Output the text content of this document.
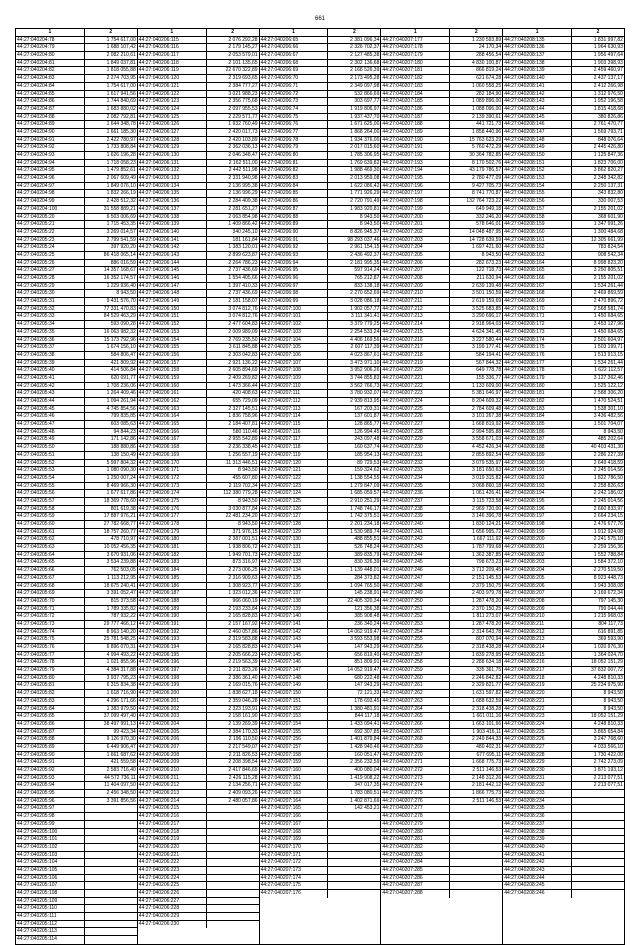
661
1	2
44:27:040204:78	1 754 617,00
44:27:040204:79	1 688 107,42
44:27:040204:80	2 082 210,61
44:27:040204:81	1 849 037,81
44:27:040204:82	1 818 055,88
44:27:040204:83	2 274 703,95
44:27:040204:84	1 754 617,00
44:27:040204:85	1 617 941,56
44:27:040204:86	1 744 840,69
44:27:040204:87	1 683 880,02
44:27:040204:88	2 082 792,81
44:27:040204:89	1 644 348,78
44:27:040204:90	1 661 185,30
44:27:040204:91	2 422 780,97
44:27:040204:92	1 733 808,84
44:27:040204:93	1 626 196,28
44:27:040204:94	1 718 058,23
44:27:040204:95	1 479 852,61
44:27:040204:96	2 067 609,49
44:27:040204:97	1 849 076,10
44:27:040204:98	1 832 266,19
44:27:040204:99	2 428 512,32
44:27:040204:100	31 558 889,21
44:27:040205:20	6 503 006,69
44:27:040205:21	1 715 453,35
44:27:040205:22	3 269 014,57
44:27:040205:23	2 799 541,59
44:27:040205:24	397 920,20
44:27:040205:25	86 418 065,14
44:27:040205:26	886 016,59
44:27:040205:27	14 357 168,67
44:27:040205:28	16 352 174,57
44:27:040205:29	1 229 936,40
44:27:040205:30	8 943,50
44:27:040205:31	9 431 576,70
44:27:040205:32	77 331 470,83
44:27:040205:33	84 529 463,29
44:27:040205:34	593 090,28
44:27:040205:35	16 063 982,32
44:27:040205:36	15 173 792,96
44:27:040205:37	1 674 156,10
44:27:040205:38	584 806,47
44:27:040205:39	421 809,92
44:27:040205:40	414 506,84
44:27:040205:41	620 091,77
44:27:040205:42	1 708 236,06
44:27:040205:43	1 264 409,46
44:27:040205:44	1 094 261,94
44:27:040205:45	4 745 854,56
44:27:040205:46	799 835,85
44:27:040205:47	603 085,63
44:27:040205:48	94 844,23
44:27:040205:49	171 142,86
44:27:040205:50	188 880,86
44:27:040205:51	138 150,49
44:27:040205:52	5 997 804,32
44:27:040205:53	1 080 090,30
44:27:040205:54	1 250 007,24
44:27:040205:55	8 469 966,30
44:27:040205:56	1 677 617,86
44:27:040205:57	18 369 778,60
44:27:040205:58	801 619,38
44:27:040205:59	17 887 976,21
44:27:040205:60	27 782 668,77
44:27:040205:61	18 757 260,77
44:27:040205:62	478 710,97
44:27:040205:63	10 052 456,35
44:27:040205:64	3 670 931,06
44:27:040205:65	3 534 239,88
44:27:040205:66	762 503,05
44:27:040205:67	1 113 212,95
44:27:040205:68	18 675 240,41
44:27:040205:69	3 391 052,47
44:27:040205:70	815 373,58
44:27:040205:71	1 789 335,82
44:27:040205:72	787 932,22
44:27:040205:73	29 777 466,12
44:27:040205:74	8 963 140,20
44:27:040205:75	25 781 548,25
44:27:040205:76	6 896 070,31
44:27:040205:77	4 994 493,22
44:27:040205:78	1 021 855,96
44:27:040205:79	4 384 317,88
44:27:040205:80	3 937 795,23
44:27:040205:81	6 315 834,38
44:27:040205:82	1 618 716,90
44:27:040205:83	4 296 171,66
44:27:040205:84	1 383 979,50
44:27:040205:85	37 099 497,40
44:27:040205:86	38 497 991,13
44:27:040205:87	99 423,34
44:27:040205:88	9 126 970,30
44:27:040205:89	6 449 906,47
44:27:040205:90	1 661 687,62
44:27:040205:91	421 559,58
44:27:040205:92	2 583 716,40
44:27:040205:93	44 572 736,11
44:27:040205:94	11 404 097,50
44:27:040205:95	2 456 348,50
44:27:040205:96	3 391 856,56
44:27:040205:97
44:27:040205:98
44:27:040205:99
44:27:040205:100
44:27:040205:101
44:27:040205:102
44:27:040205:103
44:27:040205:104
44:27:040205:105
44:27:040205:106
44:27:040205:107
44:27:040205:108
44:27:040205:109
44:27:040205:110
44:27:040205:111
44:27:040205:112
44:27:040205:113
44:27:040205:114
1	2
44:27:040206:115	2 076 292,28
44:27:040206:116	2 179 145,27
44:27:040206:117	2 053 579,01
44:27:040206:118	2 101 135,65
44:27:040206:119	22 670 322,89
44:27:040206:120	2 319 693,65
44:27:040206:121	2 384 777,27
44:27:040206:122	3 021 988,23
44:27:040206:123	2 356 775,68
44:27:040206:124	2 097 955,53
44:27:040206:125	2 229 571,77
44:27:040206:126	1 932 760,49
44:27:040206:127	2 420 017,73
44:27:040206:128	2 420 103,89
44:27:040206:129	2 362 036,13
44:27:040206:130	2 046 348,47
44:27:040206:131	2 162 511,00
44:27:040206:132	2 442 511,98
44:27:040206:133	2 331 940,98
44:27:040206:134	2 136 995,38
44:27:040206:135	2 136 996,29
44:27:040206:136	2 284 409,38
44:27:040206:137	2 281 651,27
44:27:040206:138	2 063 854,98
44:27:040206:139	1 409 866,42
44:27:040206:140	340 245,10
44:27:040206:141	181 161,84
44:27:040206:142	1 383 120,01
44:27:040206:143	2 899 623,87
44:27:040206:144	2 264 786,23
44:27:040206:145	2 737 436,69
44:27:040206:146	1 554 405,66
44:27:040206:147	1 397 410,33
44:27:040206:148	2 737 436,69
44:27:040206:149	2 181 158,07
44:27:040206:150	3 074 812,76
44:27:040206:151	3 074 812,76
44:27:040206:152	2 477 604,83
44:27:040206:153	2 009 989,09
44:27:040206:154	2 769 235,50
44:27:040206:155	3 611 845,88
44:27:040206:156	2 303 042,83
44:27:040206:157	2 921 136,22
44:27:040206:158	2 605 894,69
44:27:040206:159	2 409 269,82
44:27:040206:160	1 473 366,44
44:27:040206:161	420 408,63
44:27:040206:162	655 729,09
44:27:040206:163	2 327 145,51
44:27:040206:164	1 836 758,96
44:27:040206:165	2 184 407,81
44:27:040206:166	580 110,46
44:27:040206:167	2 955 542,89
44:27:040206:168	2 236 338,45
44:27:040206:169	1 256 557,19
44:27:040206:170	11 313 446,51
44:27:040206:171	8 943,50
44:27:040206:172	455 607,80
44:27:040206:173	2 119 702,34
44:27:040206:174	112 380 779,28
44:27:040206:175	8 943,50
44:27:040206:176	3 030 877,84
44:27:040206:177	22 481 234,20
44:27:040206:178	8 943,50
44:27:040206:179	371 976,15
44:27:040206:180	2 387 001,51
44:27:040206:181	1 938 806,72
44:27:040206:182	1 949 701,73
44:27:040206:183	873 316,97
44:27:040206:184	2 273 006,25
44:27:040206:185	2 316 909,63
44:27:040206:186	1 308 923,77
44:27:040206:187	1 323 012,36
44:27:040206:188	966 060,19
44:27:040206:189	2 193 233,84
44:27:040206:190	2 165 828,83
44:27:040206:191	2 157 167,92
44:27:040206:192	2 460 057,86
44:27:040206:193	2 319 583,88
44:27:040206:194	2 165 828,83
44:27:040206:195	2 205 666,23
44:27:040206:196	2 219 563,39
44:27:040206:197	2 211 823,26
44:27:040206:198	2 386 361,40
44:27:040206:199	2 169 015,76
44:27:040206:200	1 838 627,18
44:27:040206:201	2 359 046,28
44:27:040206:202	2 323 193,91
44:27:040206:203	2 158 161,90
44:27:040206:204	2 139 269,39
44:27:040206:205	2 384 170,33
44:27:040206:206	2 196 110,50
44:27:040206:207	2 217 549,07
44:27:040206:208	2 211 826,53
44:27:040206:209	2 208 398,54
44:27:040206:210	2 417 846,65
44:27:040206:211	2 426 115,28
44:27:040206:212	2 134 256,71
44:27:040206:213	2 409 093,26
44:27:040206:214	2 480 057,86
44:27:040206:215
44:27:040206:216
44:27:040206:217
44:27:040206:218
44:27:040206:219
44:27:040206:220
44:27:040206:221
44:27:040206:222
44:27:040206:223
44:27:040206:224
44:27:040206:225
44:27:040206:226
44:27:040206:227
44:27:040206:228
44:27:040206:229
44:27:040206:230
1	2
44:27:040206:65	2 381 096,34
44:27:040206:66	2 326 702,37
44:27:040206:67	2 127 485,38
44:27:040206:68	2 302 136,68
44:27:040206:69	2 168 526,39
44:27:040206:70	2 173 495,28
44:27:040206:71	2 349 097,98
44:27:040206:72	532 866,69
44:27:040206:73	303 697,77
44:27:040206:74	1 919 806,97
44:27:040206:75	1 937 437,70
44:27:040206:76	1 671 625,00
44:27:040206:77	1 868 264,00
44:27:040206:78	1 934 376,00
44:27:040206:79	2 017 015,60
44:27:040206:80	1 785 306,95
44:27:040206:81	1 769 639,82
44:27:040206:82	1 988 469,30
44:27:040206:83	2 013 959,08
44:27:040206:84	1 622 086,42
44:27:040206:85	1 771 926,29
44:27:040206:86	2 720 791,49
44:27:040206:87	1 983 920,81
44:27:040206:88	8 943,50
44:27:040206:89	8 943,50
44:27:040206:90	8 826 945,37
44:27:040206:91	98 293 037,46
44:27:040206:92	2 961 154,15
44:27:040206:93	2 436 492,37
44:27:040206:94	2 181 995,35
44:27:040206:95	597 914,24
44:27:040206:96	765 212,87
44:27:040206:97	833 138,18
44:27:040206:98	2 270 652,69
44:27:040206:99	3 028 086,18
44:27:040207:100	1 902 057,77
44:27:040207:101	3 111 341,41
44:27:040207:102	3 379 779,25
44:27:040207:103	2 254 533,24
44:27:040207:104	4 406 169,56
44:27:040207:105	2 607 117,39
44:27:040207:106	4 023 867,61
44:27:040207:107	3 473 971,10
44:27:040207:108	3 952 906,26
44:27:040207:109	3 744 855,83
44:27:040207:110	3 562 766,73
44:27:040207:111	3 780 932,07
44:27:040207:112	2 939 813,95
44:27:040207:113	167 203,31
44:27:040207:114	137 601,87
44:27:040207:115	128 865,77
44:27:040207:116	126 994,45
44:27:040207:117	243 097,48
44:27:040207:118	160 637,74
44:27:040207:119	185 954,13
44:27:040207:120	89 729,53
44:27:040207:121	159 324,62
44:27:040207:122	1 138 554,55
44:27:040207:123	1 279 847,09
44:27:040207:124	1 685 059,57
44:27:040207:125	2 910 251,29
44:27:040207:126	1 748 746,17
44:27:040207:127	1 742 375,51
44:27:040207:128	2 201 234,18
44:27:040207:129	1 530 989,74
44:27:040207:130	488 855,51
44:27:040207:131	526 748,24
44:27:040207:132	389 835,79
44:27:040207:133	830 326,39
44:27:040207:134	1 139 448,01
44:27:040207:135	284 373,82
44:27:040207:136	1 094 765,50
44:27:040207:137	145 238,91
44:27:040207:138	22 405 320,34
44:27:040207:139	121 356,38
44:27:040207:140	385 908,48
44:27:040207:141	236 340,24
44:27:040207:142	14 062 919,47
44:27:040207:143	3 593 553,98
44:27:040207:144	147 943,29
44:27:040207:145	656 819,40
44:27:040207:146	851 809,91
44:27:040207:147	14 052 919,47
44:27:040207:148	680 222,48
44:27:040207:149	147 943,29
44:27:040207:150	72 121,33
44:27:040207:151	178 693,45
44:27:040207:152	1 380 481,91
44:27:040207:153	844 117,18
44:27:040207:154	1 433 094,41
44:27:040207:155	692 307,85
44:27:040207:156	1 401 879,84
44:27:040207:157	1 428 940,46
44:27:040207:158	160 051,47
44:27:040207:159	2 356 232,59
44:27:040207:160	400 080,04
44:27:040207:161	1 419 908,22
44:27:040207:162	347 017,35
44:27:040207:163	1 783 080,51
44:27:040207:164	1 402 871,69
44:27:040207:165	142 453,21
44:27:040207:166
44:27:040207:167
44:27:040207:168
44:27:040207:169
44:27:040207:170
44:27:040207:171
44:27:040207:172
44:27:040207:173
44:27:040207:174
44:27:040207:175
44:27:040207:176
1	2
44:27:040207:177	1 230 593,89
44:27:040207:178	24 170,34
44:27:040207:179	288 456,54
44:27:040207:180	4 830 100,87
44:27:040207:181	866 819,24
44:27:040207:182	621 674,28
44:27:040207:183	1 060 558,25
44:27:040207:184	282 184,90
44:27:040207:185	1 089 896,00
44:27:040207:186	1 088 096,00
44:27:040207:187	2 139 390,61
44:27:040207:188	441 721,73
44:27:040207:189	1 858 440,96
44:27:040207:190	15 763 623,29
44:27:040207:191	5 760 472,29
44:27:040207:192	30 364 782,85
44:27:040207:193	8 170 502,76
44:27:040207:194	43 179 786,57
44:27:040207:195	2 780 477,09
44:27:040207:196	9 427 705,73
44:27:040207:197	8 741 770,87
44:27:040207:198	132 764 723,22
44:27:040207:199	649 949,18
44:27:040207:200	332 246,20
44:27:040207:201	578 646,01
44:27:040207:202	14 048 487,95
44:27:040207:203	14 728 639,59
44:27:040207:204	1 697 421,60
44:27:040207:205	8 943,50
44:27:040207:206	282 673,23
44:27:040207:207	122 718,73
44:27:040207:208	211 630,94
44:27:040207:209	2 639 139,48
44:27:040207:210	3 501 150,59
44:27:040207:211	2 619 159,69
44:27:040207:212	3 525 683,85
44:27:040207:213	3 290 696,17
44:27:040207:214	2 918 964,03
44:27:040207:215	4 624 341,45
44:27:040207:216	3 227 580,44
44:27:040207:217	3 199 177,41
44:27:040207:218	584 194,41
44:27:040207:219	567 844,32
44:27:040207:220	649 778,78
44:27:040207:221	155 336,77
44:27:040207:222	1 133 609,00
44:27:040207:223	5 381 646,97
44:27:040207:224	8 204 609,32
44:27:040207:225	2 784 609,48
44:27:040207:226	3 101 267,38
44:27:040207:227	1 668 819,92
44:27:040207:228	2 994 595,88
44:27:040207:229	3 558 671,03
44:27:040207:230	4 452 426,34
44:27:040207:231	2 855 892,54
44:27:040207:232	3 079 535,97
44:27:040207:233	3 181 650,63
44:27:040207:234	3 019 315,82
44:27:040207:235	3 068 860,18
44:27:040207:236	1 061 426,41
44:27:040207:237	3 115 723,58
44:27:040207:238	2 969 720,00
44:27:040207:239	3 146 396,78
44:27:040207:240	1 830 124,21
44:27:040207:241	1 656 995,72
44:27:040207:242	1 667 111,92
44:27:040207:243	1 787 799,68
44:27:040207:244	1 362 387,85
44:27:040207:245	798 673,23
44:27:040207:246	3 712 209,45
44:27:040207:247	2 151 145,53
44:27:040207:248	2 379 150,75
44:27:040207:249	2 403 979,78
44:27:040207:250	1 287 478,20
44:27:040207:251	2 370 150,25
44:27:040207:252	1 811 273,07
44:27:040207:253	1 287 478,20
44:27:040207:254	2 314 643,78
44:27:040207:255	807 070,94
44:27:040207:256	2 318 438,28
44:27:040207:257	1 839 278,95
44:27:040207:258	2 288 634,18
44:27:040207:259	335 361,75
44:27:040207:260	2 246 842,82
44:27:040207:261	2 329 821,77
44:27:040207:262	1 631 597,82
44:27:040207:263	1 688 632,59
44:27:040207:264	2 318 438,28
44:27:040207:265	1 661 011,16
44:27:040207:266	1 663 101,66
44:27:040207:267	1 903 416,11
44:27:040207:268	2 249 844,33
44:27:040207:269	480 402,31
44:27:040207:270	677 695,11
44:27:040207:271	1 668 775,73
44:27:040207:272	2 511 146,53
44:27:040207:273	2 148 312,26
44:27:040207:274	2 181 442,12
44:27:040207:275	1 866 775,73
44:27:040207:276	2 511 146,53
44:27:040207:277
44:27:040207:278
44:27:040207:279
44:27:040207:280
44:27:040207:281
44:27:040207:282
44:27:040207:283
44:27:040207:284
44:27:040207:285
44:27:040207:286
44:27:040207:287
44:27:040207:288
1	2
44:27:040208:135	1 831 997,82
44:27:040208:136	1 964 630,93
44:27:040208:137	1 956 497,64
44:27:040208:138	1 903 398,93
44:27:040208:139	2 459 460,97
44:27:040208:140	2 437 137,17
44:27:040208:141	2 412 266,98
44:27:040208:142	1 312 976,50
44:27:040208:143	1 952 196,58
44:27:040208:144	1 815 418,68
44:27:040208:145	380 826,86
44:27:040208:146	2 761 470,77
44:27:040208:147	1 569 793,71
44:27:040208:148	848 076,64
44:27:040208:149	2 445 426,80
44:27:040208:150	1 125 847,36
44:27:040208:151	1 823 706,00
44:27:040208:152	3 862 820,27
44:27:040208:153	2 348 342,82
44:27:040208:154	2 250 137,31
44:27:040208:155	343 832,80
44:27:040208:156	330 007,53
44:27:040208:157	2 155 201,02
44:27:040208:158	368 601,90
44:27:040208:159	1 347 991,26
44:27:040208:160	1 300 484,68
44:27:040208:161	12 305 661,99
44:27:040208:162	783 824,54
44:27:040208:163	908 542,34
44:27:040208:164	8 998 823,20
44:27:040208:165	3 250 805,51
44:27:040208:166	2 155 201,02
44:27:040208:167	1 534 261,44
44:27:040208:168	2 469 869,59
44:27:040208:169	2 470 896,72
44:27:040208:170	2 568 581,74
44:27:040208:171	1 450 684,65
44:27:040208:172	3 453 127,96
44:27:040208:173	1 450 684,65
44:27:040208:174	2 501 604,97
44:27:040208:175	1 503 199,71
44:27:040208:176	1 513 913,15
44:27:040208:177	1 534 261,44
44:27:040208:178	1 622 112,57
44:27:040208:179	3 127 362,46
44:27:040208:180	1 525 122,12
44:27:040208:181	2 588 306,20
44:27:040208:182	1 470 524,51
44:27:040208:183	1 538 301,10
44:27:040208:184	3 436 482,56
44:27:040208:185	1 501 704,07
44:27:040208:186	8 943,50
44:27:040208:187	485 202,64
44:27:040208:188	40 403 431,30
44:27:040208:189	2 286 227,39
44:27:040208:190	2 649 418,59
44:27:040208:191	2 245 014,56
44:27:040208:192	1 822 786,50
44:27:040208:193	2 258 826,63
44:27:040208:194	2 242 186,02
44:27:040208:195	2 245 014,56
44:27:040208:196	2 660 833,97
44:27:040208:197	2 664 234,15
44:27:040208:198	2 476 677,76
44:27:040208:199	1 912 924,08
44:27:040208:200	2 241 575,10
44:27:040208:201	2 259 156,36
44:27:040208:202	1 552 788,84
44:27:040208:203	1 584 372,10
44:27:040208:204	2 270 519,50
44:27:040208:205	8 923 448,73
44:27:040208:206	1 943 308,08
44:27:040208:207	3 169 672,34
44:27:040208:208	797 145,30
44:27:040208:209	799 044,44
44:27:040208:210	1 215 968,03
44:27:040208:211	804 117,73
44:27:040208:212	616 891,85
44:27:040208:213	369 593,90
44:27:040208:214	1 020 976,30
44:27:040208:215	1 364 024,70
44:27:040208:216	18 052 151,29
44:27:040208:217	37 832 007,72
44:27:040208:218	4 248 810,33
44:27:040208:219	25 234 975,90
44:27:040208:220	8 943,50
44:27:040208:221	8 943,50
44:27:040208:222	8 943,50
44:27:040208:223	18 052 151,29
44:27:040208:224	4 248 810,33
44:27:040208:225	3 865 654,84
44:27:040208:226	3 247 768,60
44:27:040208:227	4 033 566,10
44:27:040208:228	1 730 422,00
44:27:040208:229	2 742 273,09
44:27:040208:230	1 871 193,12
44:27:040208:231	2 213 077,51
44:27:040208:232	2 213 077,51
44:27:040208:233
44:27:040208:234
44:27:040208:235
44:27:040208:236
44:27:040208:237
44:27:040208:238
44:27:040208:239
44:27:040208:240
44:27:040208:241
44:27:040208:242
44:27:040208:243
44:27:040208:244
44:27:040208:245
44:27:040208:246
